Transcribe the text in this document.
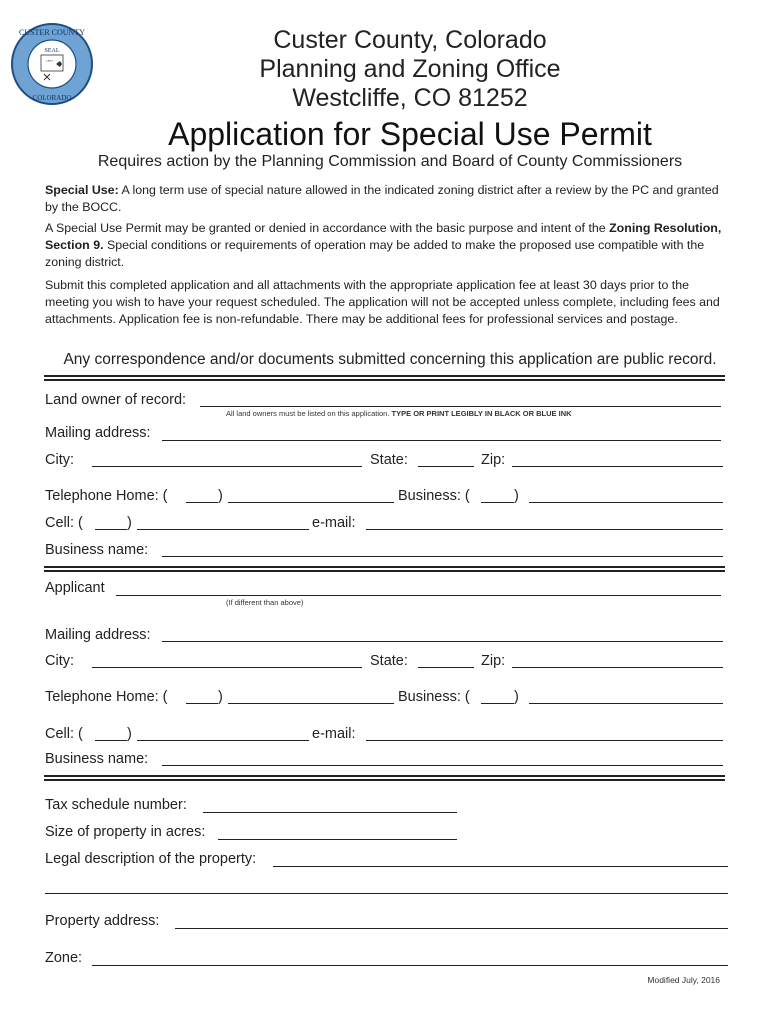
CUSTER COUNTY
SEAL
1877
COLORADO
Custer County, Colorado
Planning and Zoning Office
Westcliffe, CO 81252
Application for Special Use Permit
Requires action by the Planning Commission and Board of County Commissioners
Special Use: A long term use of special nature allowed in the indicated zoning district after a review by the PC and granted by the BOCC.
A Special Use Permit may be granted or denied in accordance with the basic purpose and intent of the Zoning Resolution, Section 9. Special conditions or requirements of operation may be added to make the proposed use compatible with the zoning district.
Submit this completed application and all attachments with the appropriate application fee at least 30 days prior to the meeting you wish to have your request scheduled. The application will not be accepted unless complete, including fees and attachments. Application fee is non-refundable. There may be additional fees for professional services and postage.
Any correspondence and/or documents submitted concerning this application are public record.
Land owner of record:
All land owners must be listed on this application. TYPE OR PRINT LEGIBLY IN BLACK OR BLUE INK
Mailing address:
City:	State:	Zip:
Telephone Home: (	)	Business: (	)
Cell: (	)	e-mail:
Business name:
Applicant
(If different than above)
Mailing address:
City:	State:	Zip:
Telephone Home: (	)	Business: (	)
Cell: (	)	e-mail:
Business name:
Tax schedule number:
Size of property in acres:
Legal description of the property:
Property address:
Zone:
Modified July, 2016
